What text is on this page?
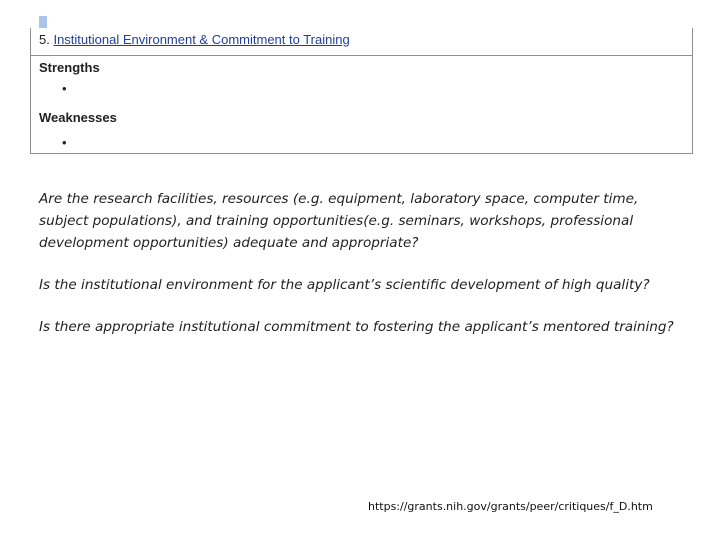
5. Institutional Environment & Commitment to Training
Strengths
•
Weaknesses
•

Are the research facilities, resources (e.g. equipment, laboratory space, computer time, subject populations), and training opportunities(e.g. seminars, workshops, professional development opportunities) adequate and appropriate?

Is the institutional environment for the applicant’s scientific development of high quality?

Is there appropriate institutional commitment to fostering the applicant’s mentored training?

https://grants.nih.gov/grants/peer/critiques/f_D.htm
